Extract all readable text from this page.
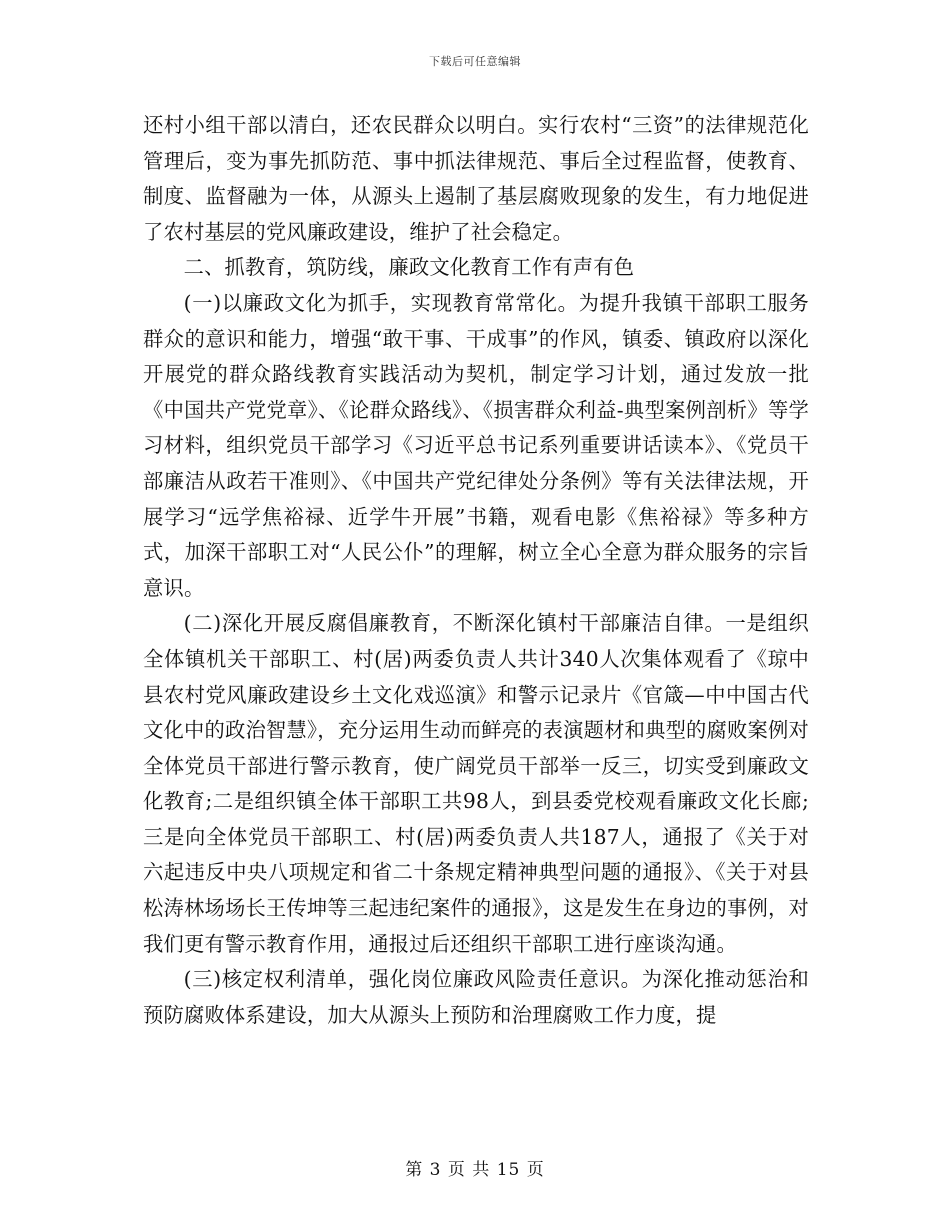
下载后可任意编辑

还村小组干部以清白，还农民群众以明白。实行农村“三资”的法律规范化管理后，变为事先抓防范、事中抓法律规范、事后全过程监督，使教育、制度、监督融为一体，从源头上遏制了基层腐败现象的发生，有力地促进了农村基层的党风廉政建设，维护了社会稳定。

二、抓教育，筑防线，廉政文化教育工作有声有色

(一)以廉政文化为抓手，实现教育常常化。为提升我镇干部职工服务群众的意识和能力，增强“敢干事、干成事”的作风，镇委、镇政府以深化开展党的群众路线教育实践活动为契机，制定学习计划，通过发放一批《中国共产党党章》、《论群众路线》、《损害群众利益-典型案例剖析》等学习材料，组织党员干部学习《习近平总书记系列重要讲话读本》、《党员干部廉洁从政若干准则》、《中国共产党纪律处分条例》等有关法律法规，开展学习“远学焦裕禄、近学牛开展”书籍，观看电影《焦裕禄》等多种方式，加深干部职工对“人民公仆”的理解，树立全心全意为群众服务的宗旨意识。

(二)深化开展反腐倡廉教育，不断深化镇村干部廉洁自律。一是组织全体镇机关干部职工、村(居)两委负责人共计340人次集体观看了《琼中县农村党风廉政建设乡土文化戏巡演》和警示记录片《官箴—中中国古代文化中的政治智慧》，充分运用生动而鲜亮的表演题材和典型的腐败案例对全体党员干部进行警示教育，使广阔党员干部举一反三，切实受到廉政文化教育;二是组织镇全体干部职工共98人，到县委党校观看廉政文化长廊;三是向全体党员干部职工、村(居)两委负责人共187人，通报了《关于对六起违反中央八项规定和省二十条规定精神典型问题的通报》、《关于对县松涛林场场长王传坤等三起违纪案件的通报》，这是发生在身边的事例，对我们更有警示教育作用，通报过后还组织干部职工进行座谈沟通。

(三)核定权利清单，强化岗位廉政风险责任意识。为深化推动惩治和预防腐败体系建设，加大从源头上预防和治理腐败工作力度，提

第 3 页 共 15 页
